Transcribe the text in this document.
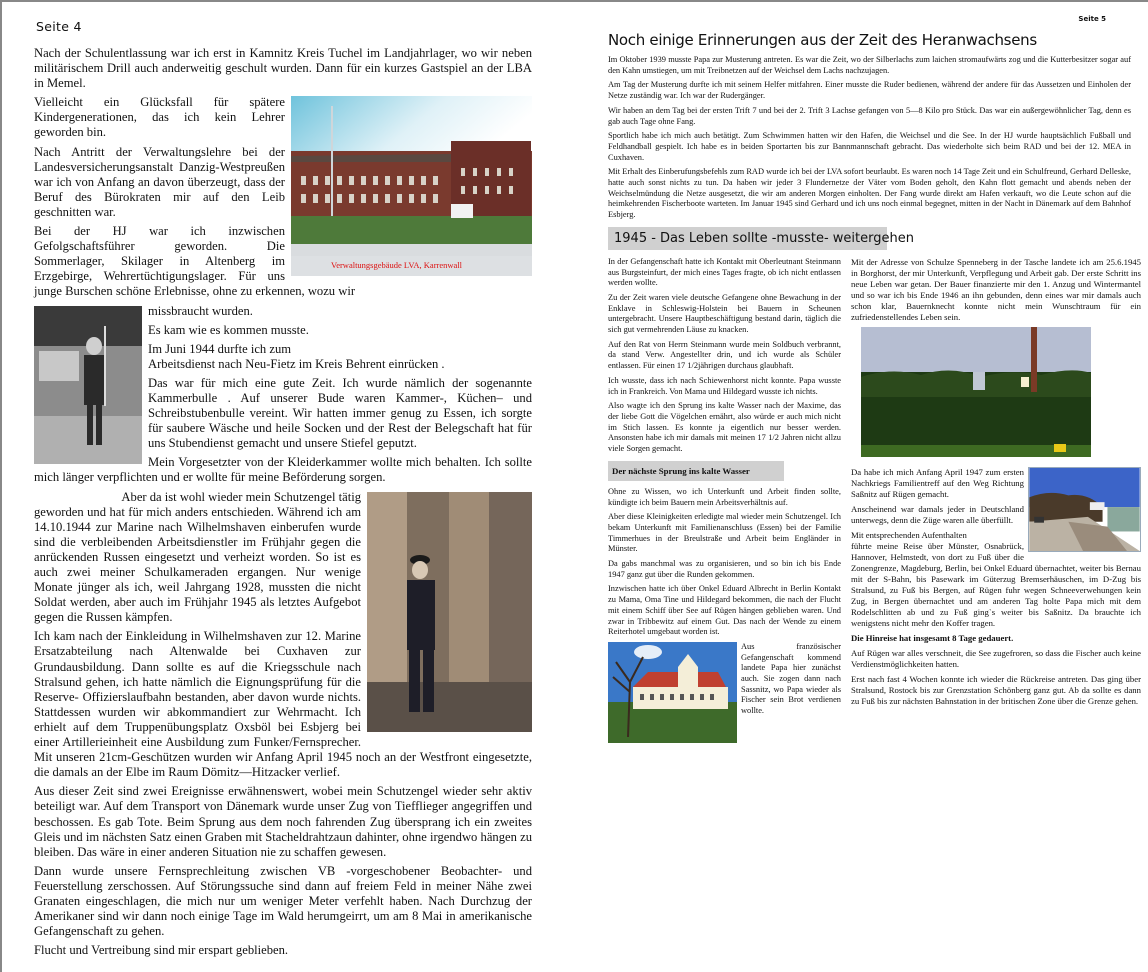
Seite 4

Nach der Schulentlassung war ich erst in Kamnitz Kreis Tuchel im Landjahrlager, wo wir neben militärischem Drill auch anderweitig geschult wurden. Dann für ein kurzes Gastspiel an der LBA in Memel.

Verwaltungsgebäude LVA, Karrenwall

Vielleicht ein Glücksfall für spätere Kindergenerationen, das ich kein Lehrer geworden bin.

Nach Antritt der Verwaltungslehre bei der Landesversicherungsanstalt Danzig-Westpreußen war ich von Anfang an davon überzeugt, dass der Beruf des Bürokraten mir auf den Leib geschnitten war.

Bei der HJ war ich inzwischen Gefolgschaftsführer geworden. Die Sommerlager, Skilager in Altenberg im Erzgebirge, Wehrertüchtigungslager. Für uns junge Burschen schöne Erlebnisse, ohne zu erkennen, wozu wir

missbraucht wurden.

Es kam wie es kommen musste.

Im Juni 1944 durfte ich zum

Arbeitsdienst nach Neu-Fietz im Kreis Behrent einrücken .

Das war für mich eine gute Zeit. Ich wurde nämlich der sogenannte Kammerbulle . Auf unserer Bude waren Kammer-, Küchen– und Schreibstubenbulle vereint. Wir hatten immer genug zu Essen, ich sorgte für saubere Wäsche und heile Socken und der Rest der Belegschaft hat für uns Stubendienst gemacht und unsere Stiefel geputzt.

Mein Vorgesetzter von der Kleiderkammer wollte mich behalten. Ich sollte mich länger verpflichten und er wollte für meine Beförderung sorgen.

Aber da ist wohl wieder mein Schutzengel tätig

geworden und hat für mich anders entschieden. Während ich am 14.10.1944 zur Marine nach Wilhelmshaven einberufen wurde sind die verbleibenden Arbeitsdienstler im Frühjahr gegen die anrückenden Russen eingesetzt und verheizt worden. So ist es auch zwei meiner Schulkameraden ergangen. Nur wenige Monate jünger als ich, weil Jahrgang 1928, mussten die nicht Soldat werden, aber auch im Frühjahr 1945 als letztes Aufgebot gegen die Russen kämpfen.

Ich kam nach der Einkleidung in Wilhelmshaven zur 12. Marine Ersatzabteilung nach Altenwalde bei Cuxhaven zur Grundausbildung. Dann sollte es auf die Kriegsschule nach Stralsund gehen, ich hatte nämlich die Eignungsprüfung für die Reserve- Offizierslaufbahn bestanden, aber davon wurde nichts. Stattdessen wurden wir abkommandiert zur Wehrmacht. Ich erhielt auf dem Truppenübungsplatz Oxsböl bei Esbjerg bei einer Artillerieinheit eine Ausbildung zum Funker/Fernsprecher. Mit unseren 21cm-Geschützen wurden wir Anfang April 1945 noch an der Westfront eingesetzte, die damals an der Elbe im Raum Dömitz—Hitzacker verlief.

Aus dieser Zeit sind zwei Ereignisse erwähnenswert, wobei mein Schutzengel wieder sehr aktiv beteiligt war. Auf dem Transport von Dänemark wurde unser Zug von Tiefflieger angegriffen und beschossen. Es gab Tote. Beim Sprung aus dem noch fahrenden Zug übersprang ich ein zweites Gleis und im nächsten Satz einen Graben mit Stacheldrahtzaun dahinter, ohne irgendwo hängen zu bleiben. Das wäre in einer anderen Situation nie zu schaffen gewesen.

Dann wurde unsere Fernsprechleitung zwischen VB -vorgeschobener Beobachter- und Feuerstellung zerschossen. Auf Störungssuche sind dann auf freiem Feld in meiner Nähe zwei Granaten eingeschlagen, die mich nur um weniger Meter verfehlt haben. Nach Durchzug der Amerikaner sind wir dann noch einige Tage im Wald herumgeirrt, um am 8 Mai in amerikanische Gefangenschaft zu gehen.

Flucht und Vertreibung sind mir erspart geblieben.

Seite 5
Noch einige Erinnerungen aus der Zeit des Heranwachsens

Im Oktober 1939 musste Papa zur Musterung antreten. Es war die Zeit, wo der Silberlachs zum laichen stromaufwärts zog und die Kutterbesitzer sogar auf den Kahn umstiegen, um mit Treibnetzen auf der Weichsel dem Lachs nachzujagen.

Am Tag der Musterung durfte ich mit seinem Helfer mitfahren. Einer musste die Ruder bedienen, während der andere für das Aussetzen und Einholen der Netze zuständig war. Ich war der Rudergänger.

Wir haben an dem Tag bei der ersten Trift 7 und bei der 2. Trift 3 Lachse gefangen von 5—8 Kilo pro Stück. Das war ein außergewöhnlicher Tag, denn es gab auch Tage ohne Fang.

Sportlich habe ich mich auch betätigt. Zum Schwimmen hatten wir den Hafen, die Weichsel und die See. In der HJ wurde hauptsächlich Fußball und Feldhandball gespielt. Ich habe es in beiden Sportarten bis zur Bannmannschaft gebracht. Das wiederholte sich beim RAD und bei der 12. MEA in Cuxhaven.

Mit Erhalt des Einberufungsbefehls zum RAD wurde ich bei der LVA sofort beurlaubt. Es waren noch 14 Tage Zeit und ein Schulfreund, Gerhard Delleske, hatte auch sonst nichts zu tun. Da haben wir jeder 3 Flundernetze der Väter vom Boden geholt, den Kahn flott gemacht und abends neben der Weichselmündung die Netze ausgesetzt, die wir am anderen Morgen einholten. Der Fang wurde direkt am Hafen verkauft, wo die Leute schon auf die heimkehrenden Fischerboote warteten. Im Januar 1945 sind Gerhard und ich uns noch einmal begegnet, mitten in der Nacht in Dänemark auf dem Bahnhof Esbjerg.

1945 - Das Leben sollte -musste- weitergehen

In der Gefangenschaft hatte ich Kontakt mit Oberleutnant Steinmann aus Burgsteinfurt, der mich eines Tages fragte, ob ich nicht entlassen werden wollte.

Zu der Zeit waren viele deutsche Gefangene ohne Bewachung in der Enklave in Schleswig-Holstein bei Bauern in Scheunen untergebracht. Unsere Hauptbeschäftigung bestand darin, täglich die sich gut vermehrenden Läuse zu knacken.

Auf den Rat von Herrn Steinmann wurde mein Soldbuch verbrannt, da stand Verw. Angestellter drin, und ich wurde als Schüler entlassen. Für einen 17 1/2jährigen durchaus glaubhaft.

Ich wusste, dass ich nach Schiewenhorst nicht konnte. Papa wusste ich in Frankreich. Von Mama und Hildegard wusste ich nichts.

Also wagte ich den Sprung ins kalte Wasser nach der Maxime, das der liebe Gott die Vögelchen ernährt, also würde er auch mich nicht im Stich lassen. Es konnte ja eigentlich nur besser werden. Ansonsten habe ich mir damals mit meinen 17 1/2 Jahren nicht allzu viele Sorgen gemacht.

Der nächste Sprung ins kalte Wasser

Ohne zu Wissen, wo ich Unterkunft und Arbeit finden sollte, kündigte ich beim Bauern mein Arbeitsverhältnis auf.

Aber diese Kleinigkeiten erledigte mal wieder mein Schutzengel. Ich bekam Unterkunft mit Familienanschluss (Essen) bei der Familie Timmerhues in der Breulstraße und Arbeit beim Engländer in Münster.

Da gabs manchmal was zu organisieren, und so bin ich bis Ende 1947 ganz gut über die Runden gekommen.

Inzwischen hatte ich über Onkel Eduard Albrecht in Berlin Kontakt zu Mama, Oma Tine und Hildegard bekommen, die nach der Flucht mit einem Schiff über See auf Rügen hängen geblieben waren. Und zwar in Tribbewitz auf einem Gut. Das nach der Wende zu einem Reiterhotel umgebaut worden ist.

Aus französischer Gefangenschaft kommend landete Papa hier zunächst auch. Sie zogen dann nach Sassnitz, wo Papa wieder als Fischer sein Brot verdienen wollte.

Mit der Adresse von Schulze Spenneberg in der Tasche landete ich am 25.6.1945 in Borghorst, der mir Unterkunft, Verpflegung und Arbeit gab. Der erste Schritt ins neue Leben war getan. Der Bauer finanzierte mir den 1. Anzug und Wintermantel und so war ich bis Ende 1946 an ihn gebunden, denn eines war mir damals auch schon klar, Bauernknecht konnte nicht mein Wunschtraum für ein zufriedenstellendes Leben sein.

Da habe ich mich Anfang April 1947 zum ersten Nachkriegs Familientreff auf den Weg Richtung Saßnitz auf Rügen gemacht.

Anscheinend war damals jeder in Deutschland unterwegs, denn die Züge waren alle überfüllt.

Mit entsprechenden Aufenthalten

führte meine Reise über Münster, Osnabrück, Hannover, Helmstedt, von dort zu Fuß über die Zonengrenze, Magdeburg, Berlin, bei Onkel Eduard übernachtet, weiter bis Bernau mit der S-Bahn, bis Pasewark im Güterzug Bremserhäuschen, im D-Zug bis Stralsund, zu Fuß bis Bergen, auf Rügen fuhr wegen Schneeverwehungen kein Zug, in Bergen übernachtet und am anderen Tag holte Papa mich mit dem Rodelschlitten ab und zu Fuß ging`s weiter bis Saßnitz. Da brauchte ich wenigstens nicht mehr den Koffer tragen.

Die Hinreise hat insgesamt 8 Tage gedauert.

Auf Rügen war alles verschneit, die See zugefroren, so dass die Fischer auch keine Verdienstmöglichkeiten hatten.

Erst nach fast 4 Wochen konnte ich wieder die Rückreise antreten. Das ging über Stralsund, Rostock bis zur Grenzstation Schönberg ganz gut. Ab da sollte es dann zu Fuß bis zur nächsten Bahnstation in der britischen Zone über die Grenze gehen.
